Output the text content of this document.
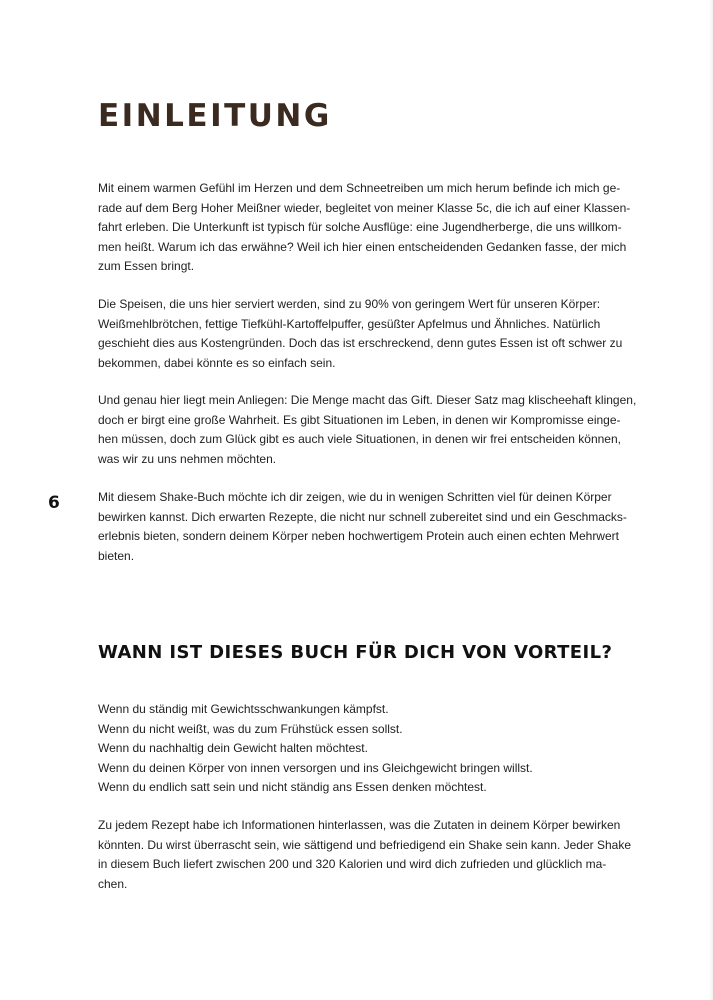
EINLEITUNG

Mit einem warmen Gefühl im Herzen und dem Schneetreiben um mich herum befinde ich mich ge-
rade auf dem Berg Hoher Meißner wieder, begleitet von meiner Klasse 5c, die ich auf einer Klassen-
fahrt erleben. Die Unterkunft ist typisch für solche Ausflüge: eine Jugendherberge, die uns willkom-
men heißt. Warum ich das erwähne? Weil ich hier einen entscheidenden Gedanken fasse, der mich
zum Essen bringt.

Die Speisen, die uns hier serviert werden, sind zu 90% von geringem Wert für unseren Körper:
Weißmehlbrötchen, fettige Tiefkühl-Kartoffelpuffer, gesüßter Apfelmus und Ähnliches. Natürlich
geschieht dies aus Kostengründen. Doch das ist erschreckend, denn gutes Essen ist oft schwer zu
bekommen, dabei könnte es so einfach sein.

Und genau hier liegt mein Anliegen: Die Menge macht das Gift. Dieser Satz mag klischeehaft klingen,
doch er birgt eine große Wahrheit. Es gibt Situationen im Leben, in denen wir Kompromisse einge-
hen müssen, doch zum Glück gibt es auch viele Situationen, in denen wir frei entscheiden können,
was wir zu uns nehmen möchten.

6	Mit diesem Shake-Buch möchte ich dir zeigen, wie du in wenigen Schritten viel für deinen Körper
bewirken kannst. Dich erwarten Rezepte, die nicht nur schnell zubereitet sind und ein Geschmacks-
erlebnis bieten, sondern deinem Körper neben hochwertigem Protein auch einen echten Mehrwert
bieten.

WANN IST DIESES BUCH FÜR DICH VON VORTEIL?

Wenn du ständig mit Gewichtsschwankungen kämpfst.
Wenn du nicht weißt, was du zum Frühstück essen sollst.
Wenn du nachhaltig dein Gewicht halten möchtest.
Wenn du deinen Körper von innen versorgen und ins Gleichgewicht bringen willst.
Wenn du endlich satt sein und nicht ständig ans Essen denken möchtest.

Zu jedem Rezept habe ich Informationen hinterlassen, was die Zutaten in deinem Körper bewirken
könnten. Du wirst überrascht sein, wie sättigend und befriedigend ein Shake sein kann. Jeder Shake
in diesem Buch liefert zwischen 200 und 320 Kalorien und wird dich zufrieden und glücklich ma-
chen.
